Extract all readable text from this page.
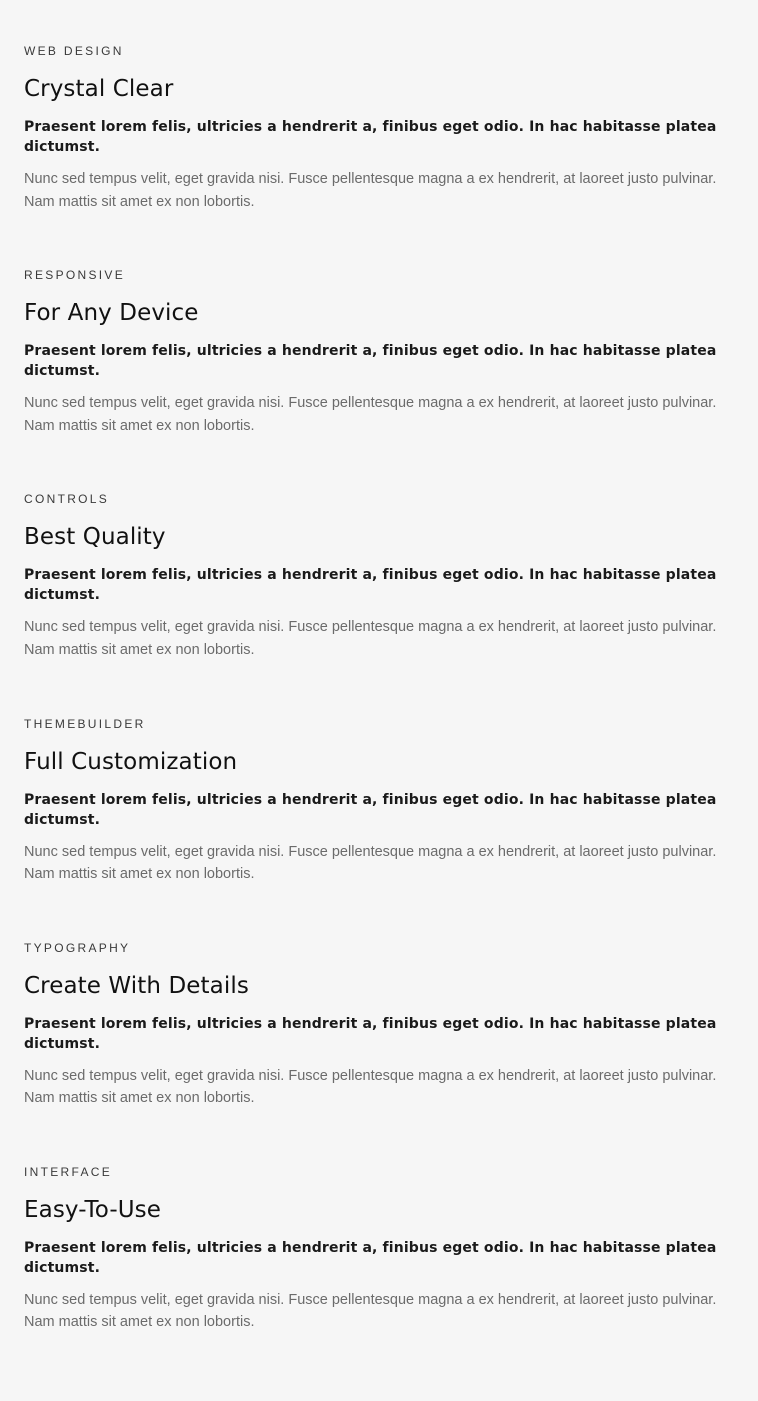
WEB DESIGN

Crystal Clear

Praesent lorem felis, ultricies a hendrerit a, finibus eget odio. In hac habitasse platea dictumst.

Nunc sed tempus velit, eget gravida nisi. Fusce pellentesque magna a ex hendrerit, at laoreet justo pulvinar. Nam mattis sit amet ex non lobortis.

RESPONSIVE

For Any Device

Praesent lorem felis, ultricies a hendrerit a, finibus eget odio. In hac habitasse platea dictumst.

Nunc sed tempus velit, eget gravida nisi. Fusce pellentesque magna a ex hendrerit, at laoreet justo pulvinar. Nam mattis sit amet ex non lobortis.

CONTROLS

Best Quality

Praesent lorem felis, ultricies a hendrerit a, finibus eget odio. In hac habitasse platea dictumst.

Nunc sed tempus velit, eget gravida nisi. Fusce pellentesque magna a ex hendrerit, at laoreet justo pulvinar. Nam mattis sit amet ex non lobortis.

THEMEBUILDER

Full Customization

Praesent lorem felis, ultricies a hendrerit a, finibus eget odio. In hac habitasse platea dictumst.

Nunc sed tempus velit, eget gravida nisi. Fusce pellentesque magna a ex hendrerit, at laoreet justo pulvinar. Nam mattis sit amet ex non lobortis.

TYPOGRAPHY

Create With Details

Praesent lorem felis, ultricies a hendrerit a, finibus eget odio. In hac habitasse platea dictumst.

Nunc sed tempus velit, eget gravida nisi. Fusce pellentesque magna a ex hendrerit, at laoreet justo pulvinar. Nam mattis sit amet ex non lobortis.

INTERFACE

Easy-To-Use

Praesent lorem felis, ultricies a hendrerit a, finibus eget odio. In hac habitasse platea dictumst.

Nunc sed tempus velit, eget gravida nisi. Fusce pellentesque magna a ex hendrerit, at laoreet justo pulvinar. Nam mattis sit amet ex non lobortis.
